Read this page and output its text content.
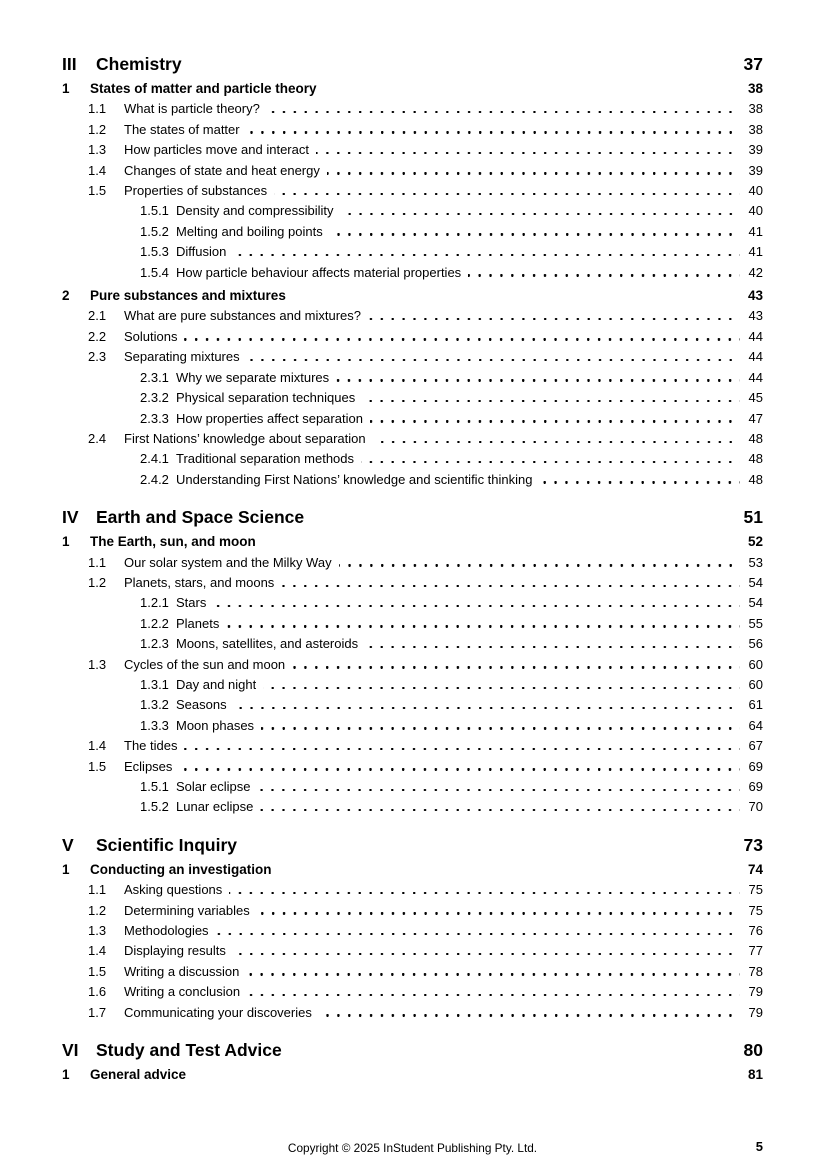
III	Chemistry	37
1	States of matter and particle theory	38
1.1	What is particle theory?	38
1.2	The states of matter	38
1.3	How particles move and interact	39
1.4	Changes of state and heat energy	39
1.5	Properties of substances	40
1.5.1 Density and compressibility	40
1.5.2 Melting and boiling points	41
1.5.3 Diffusion	41
1.5.4 How particle behaviour affects material properties	42
2	Pure substances and mixtures	43
2.1	What are pure substances and mixtures?	43
2.2	Solutions	44
2.3	Separating mixtures	44
2.3.1 Why we separate mixtures	44
2.3.2 Physical separation techniques	45
2.3.3 How properties affect separation	47
2.4	First Nations’ knowledge about separation	48
2.4.1 Traditional separation methods	48
2.4.2 Understanding First Nations’ knowledge and scientific thinking	48
IV Earth and Space Science	51
1	The Earth, sun, and moon	52
1.1	Our solar system and the Milky Way	53
1.2	Planets, stars, and moons	54
1.2.1 Stars	54
1.2.2 Planets	55
1.2.3 Moons, satellites, and asteroids	56
1.3	Cycles of the sun and moon	60
1.3.1 Day and night	60
1.3.2 Seasons	61
1.3.3 Moon phases	64
1.4	The tides	67
1.5	Eclipses	69
1.5.1 Solar eclipse	69
1.5.2 Lunar eclipse	70
V	Scientific Inquiry	73
1	Conducting an investigation	74
1.1	Asking questions	75
1.2	Determining variables	75
1.3	Methodologies	76
1.4	Displaying results	77
1.5	Writing a discussion	78
1.6	Writing a conclusion	79
1.7	Communicating your discoveries	79
VI Study and Test Advice	80
1	General advice	81
Copyright © 2025 InStudent Publishing Pty. Ltd.	5
